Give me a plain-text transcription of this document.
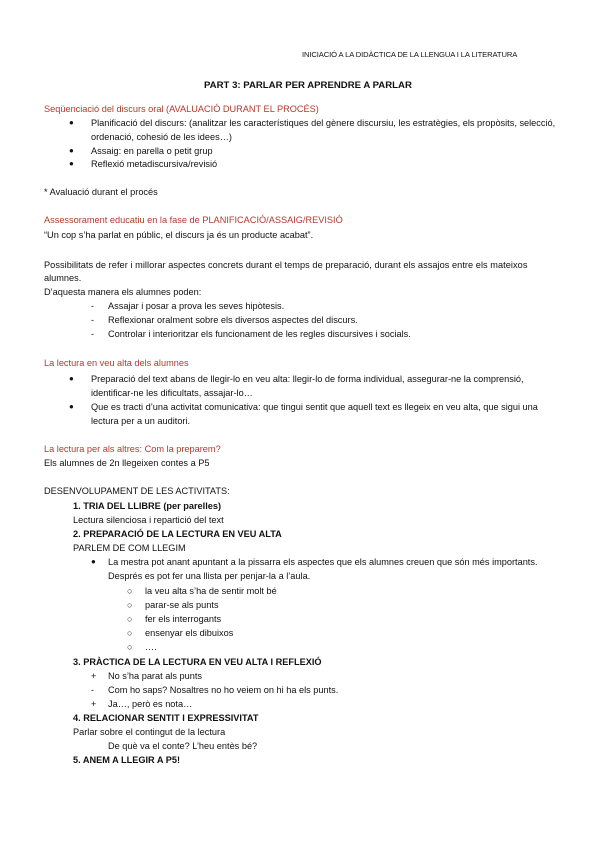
INICIACIÓ A LA DIDÀCTICA DE LA LLENGUA I LA LITERATURA
PART 3: PARLAR PER APRENDRE A PARLAR
Seqüenciació del discurs oral (AVALUACIÓ DURANT EL PROCÉS)
● Planificació del discurs: (analitzar les característiques del gènere discursiu, les estratègies, els propòsits, selecció,
ordenació, cohesió de les idees…)
● Assaig: en parella o petit grup
● Reflexió metadiscursiva/revisió
* Avaluació durant el procés
Assessorament educatiu en la fase de PLANIFICACIÓ/ASSAIG/REVISIÓ
“Un cop s’ha parlat en públic, el discurs ja és un producte acabat”.
Possibilitats de refer i millorar aspectes concrets durant el temps de preparació, durant els assajos entre els mateixos
alumnes.
D’aquesta manera els alumnes poden:
- Assajar i posar a prova les seves hipòtesis.
- Reflexionar oralment sobre els diversos aspectes del discurs.
- Controlar i interioritzar els funcionament de les regles discursives i socials.
La lectura en veu alta dels alumnes
● Preparació del text abans de llegir-lo en veu alta: llegir-lo de forma individual, assegurar-ne la comprensió,
identificar-ne les dificultats, assajar-lo…
● Que es tracti d’una activitat comunicativa: que tingui sentit que aquell text es llegeix en veu alta, que sigui una
lectura per a un auditori.
La lectura per als altres: Com la preparem?
Els alumnes de 2n llegeixen contes a P5
DESENVOLUPAMENT DE LES ACTIVITATS:
1. TRIA DEL LLIBRE (per parelles)
Lectura silenciosa i repartició del text
2. PREPARACIÓ DE LA LECTURA EN VEU ALTA
PARLEM DE COM LLEGIM
● La mestra pot anant apuntant a la pissarra els aspectes que els alumnes creuen que són més importants.
Després es pot fer una llista per penjar-la a l’aula.
○ la veu alta s’ha de sentir molt bé
○ parar-se als punts
○ fer els interrogants
○ ensenyar els dibuixos
○ ….
3. PRÀCTICA DE LA LECTURA EN VEU ALTA I REFLEXIÓ
+ No s’ha parat als punts
- Com ho saps? Nosaltres no ho veiem on hi ha els punts.
+ Ja…, però es nota…
4. RELACIONAR SENTIT I EXPRESSIVITAT
Parlar sobre el contingut de la lectura
De què va el conte? L’heu entès bé?
5. ANEM A LLEGIR A P5!
